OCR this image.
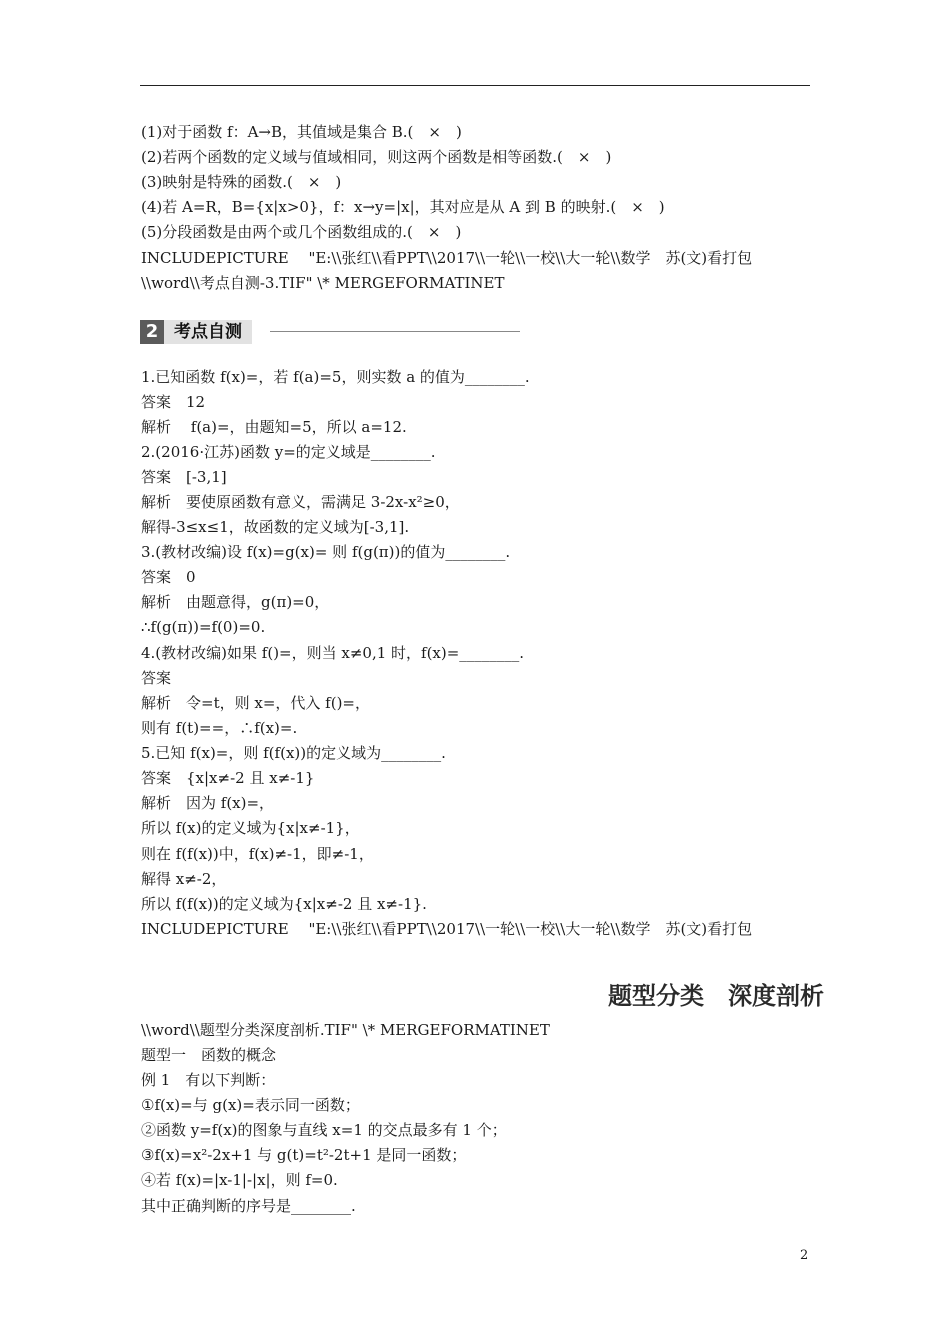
(1)对于函数 f：A→B，其值域是集合 B.(　×　)
(2)若两个函数的定义域与值域相同，则这两个函数是相等函数.(　×　)
(3)映射是特殊的函数.(　×　)
(4)若 A=R，B={x|x>0}，f：x→y=|x|，其对应是从 A 到 B 的映射.(　×　)
(5)分段函数是由两个或几个函数组成的.(　×　)
INCLUDEPICTURE　 "E:\\张红\\看PPT\\2017\\一轮\\一校\\大一轮\\数学　苏(文)看打包
\\word\\考点自测-3.TIF" \* MERGEFORMATINET
2 考点自测
1.已知函数 f(x)=，若 f(a)=5，则实数 a 的值为________.
答案　12
解析　 f(a)=，由题知=5，所以 a=12.
2.(2016·江苏)函数 y=的定义域是________.
答案　[-3,1]
解析　要使原函数有意义，需满足 3-2x-x²≥0，
解得-3≤x≤1，故函数的定义域为[-3,1].
3.(教材改编)设 f(x)=g(x)= 则 f(g(π))的值为________.
答案　0
解析　由题意得，g(π)=0，
∴f(g(π))=f(0)=0.
4.(教材改编)如果 f()=，则当 x≠0,1 时，f(x)=________.
答案
解析　令=t，则 x=，代入 f()=，
则有 f(t)==，∴f(x)=.
5.已知 f(x)=，则 f(f(x))的定义域为________.
答案　{x|x≠-2 且 x≠-1}
解析　因为 f(x)=，
所以 f(x)的定义域为{x|x≠-1}，
则在 f(f(x))中，f(x)≠-1，即≠-1，
解得 x≠-2，
所以 f(f(x))的定义域为{x|x≠-2 且 x≠-1}.
INCLUDEPICTURE　 "E:\\张红\\看PPT\\2017\\一轮\\一校\\大一轮\\数学　苏(文)看打包
题型分类　深度剖析
\\word\\题型分类深度剖析.TIF" \* MERGEFORMATINET
题型一　函数的概念
例 1　有以下判断：
①f(x)=与 g(x)=表示同一函数；
②函数 y=f(x)的图象与直线 x=1 的交点最多有 1 个；
③f(x)=x²-2x+1 与 g(t)=t²-2t+1 是同一函数；
④若 f(x)=|x-1|-|x|，则 f=0.
其中正确判断的序号是________.
2
